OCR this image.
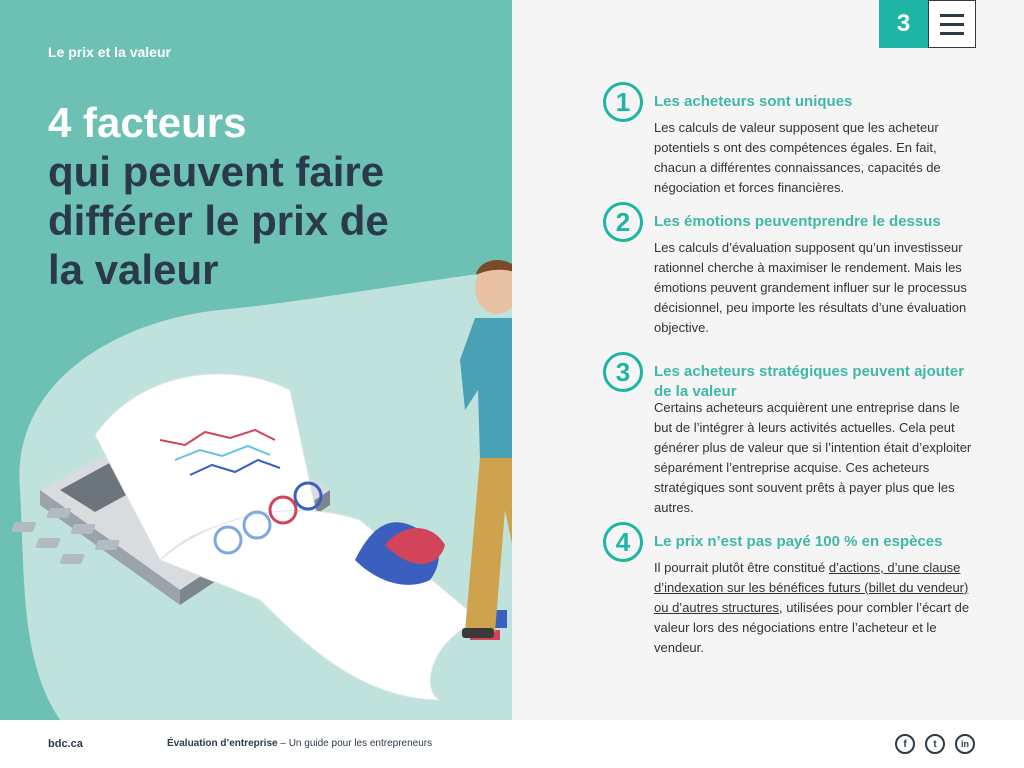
Le prix et la valeur
4 facteurs
qui peuvent faire
différer le prix de
la valeur
3
1	Les acheteurs sont uniques
Les calculs de valeur supposent que les acheteur potentiels s ont des compétences égales. En fait, chacun a différentes connaissances, capacités de négociation et forces financières.
2	Les émotions peuventprendre le dessus
Les calculs d’évaluation supposent qu’un investisseur rationnel cherche à maximiser le rendement. Mais les émotions peuvent grandement influer sur le processus décisionnel, peu importe les résultats d’une évaluation objective.
3	Les acheteurs stratégiques peuvent ajouter de la valeur
Certains acheteurs acquièrent une entreprise dans le but de l’intégrer à leurs activités actuelles. Cela peut générer plus de valeur que si l’intention était d’exploiter séparément l’entreprise acquise. Ces acheteurs stratégiques sont souvent prêts à payer plus que les autres.
4	Le prix n’est pas payé 100 % en espèces
Il pourrait plutôt être constitué d’actions, d’une clause d’indexation sur les bénéfices futurs (billet du vendeur) ou d’autres structures, utilisées pour combler l’écart de valeur lors des négociations entre l’acheteur et le vendeur.
bdc.ca	Évaluation d’entreprise – Un guide pour les entrepreneurs	f	t	in
